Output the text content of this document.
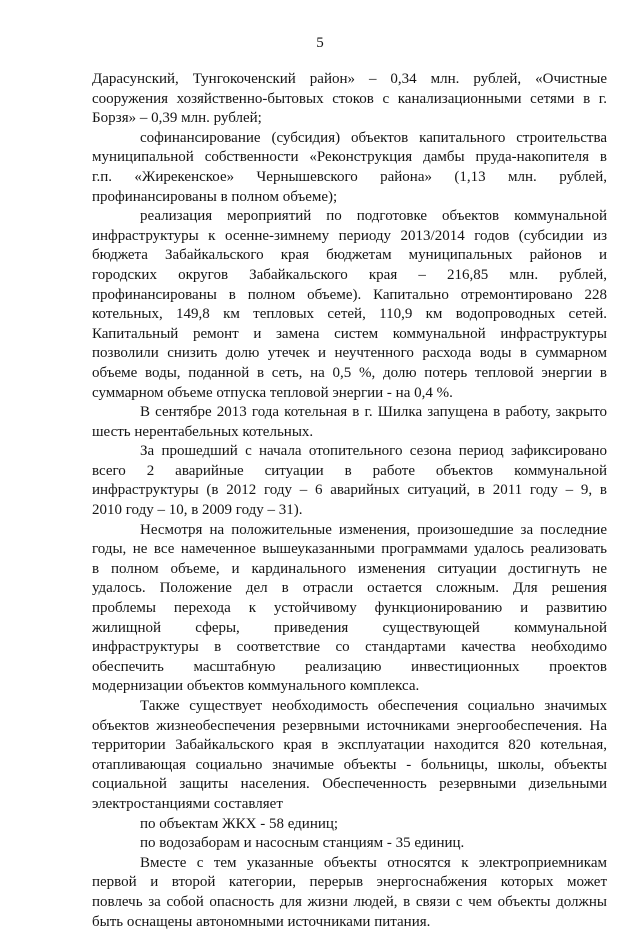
5
Дарасунский, Тунгокоченский район» – 0,34 млн. рублей, «Очистные
сооружения хозяйственно-бытовых стоков с канализационными сетями в г.
Борзя» – 0,39 млн. рублей;
софинансирование (субсидия) объектов капитального строительства
муниципальной собственности «Реконструкция дамбы пруда-накопителя в
г.п. «Жирекенское» Чернышевского района» (1,13 млн. рублей,
профинансированы в полном объеме);
реализация мероприятий по подготовке объектов коммунальной
инфраструктуры к осенне-зимнему периоду 2013/2014 годов (субсидии из
бюджета Забайкальского края бюджетам муниципальных районов и
городских округов Забайкальского края – 216,85 млн. рублей,
профинансированы в полном объеме). Капитально отремонтировано 228
котельных, 149,8 км тепловых сетей, 110,9 км водопроводных сетей.
Капитальный ремонт и замена систем коммунальной инфраструктуры
позволили снизить долю утечек и неучтенного расхода воды в суммарном
объеме воды, поданной в сеть, на 0,5 %, долю потерь тепловой энергии в
суммарном объеме отпуска тепловой энергии - на 0,4 %.
В сентябре 2013 года котельная в г. Шилка запущена в работу, закрыто
шесть нерентабельных котельных.
За прошедший с начала отопительного сезона период зафиксировано
всего 2 аварийные ситуации в работе объектов коммунальной
инфраструктуры (в 2012 году – 6 аварийных ситуаций, в 2011 году – 9, в
2010 году – 10, в 2009 году – 31).
Несмотря на положительные изменения, произошедшие за последние
годы, не все намеченное вышеуказанными программами удалось реализовать
в полном объеме, и кардинального изменения ситуации достигнуть не
удалось. Положение дел в отрасли остается сложным. Для решения
проблемы перехода к устойчивому функционированию и развитию
жилищной сферы, приведения существующей коммунальной
инфраструктуры в соответствие со стандартами качества необходимо
обеспечить масштабную реализацию инвестиционных проектов
модернизации объектов коммунального комплекса.
Также существует необходимость обеспечения социально значимых
объектов жизнеобеспечения резервными источниками энергообеспечения. На
территории Забайкальского края в эксплуатации находится 820 котельная,
отапливающая социально значимые объекты - больницы, школы, объекты
социальной защиты населения. Обеспеченность резервными дизельными
электростанциями составляет
по объектам ЖКХ - 58 единиц;
по водозаборам и насосным станциям - 35 единиц.
Вместе с тем указанные объекты относятся к электроприемникам
первой и второй категории, перерыв энергоснабжения которых может
повлечь за собой опасность для жизни людей, в связи с чем объекты должны
быть оснащены автономными источниками питания.
